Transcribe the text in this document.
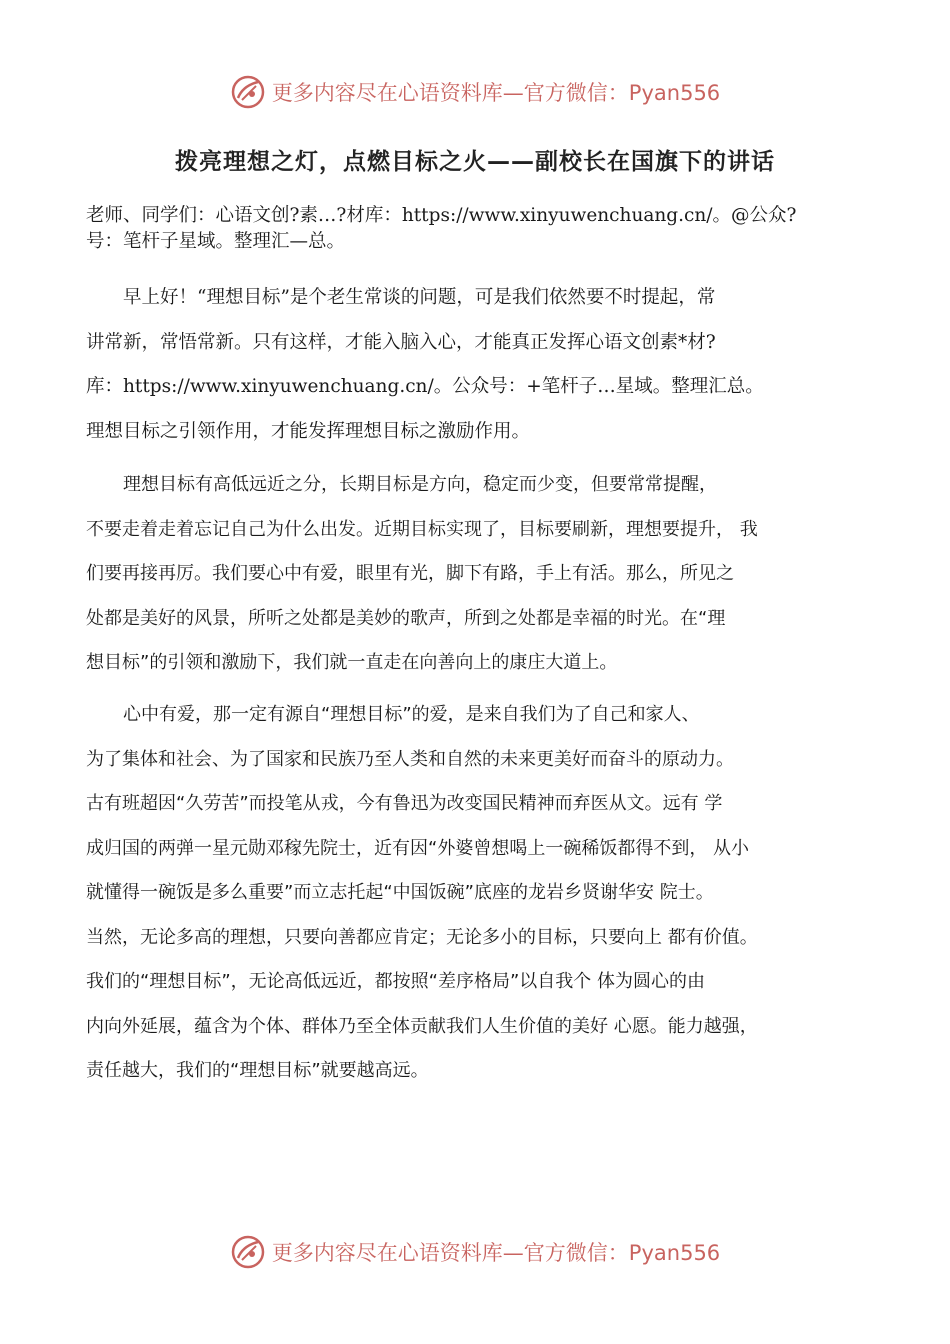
更多内容尽在心语资料库—官方微信：Pyan556
拨亮理想之灯，点燃目标之火——副校长在国旗下的讲话
老师、同学们：心语文创?素…?材库：https://www.xinyuwenchuang.cn/。@公众?
号：笔杆子星域。整理汇—总。
早上好！“理想目标”是个老生常谈的问题，可是我们依然要不时提起，常
讲常新，常悟常新。只有这样，才能入脑入心，才能真正发挥心语文创素*材?
库：https://www.xinyuwenchuang.cn/。公众号：+笔杆子…星域。整理汇总。
理想目标之引领作用，才能发挥理想目标之激励作用。
理想目标有高低远近之分，长期目标是方向，稳定而少变，但要常常提醒，
不要走着走着忘记自己为什么出发。近期目标实现了，目标要刷新，理想要提升， 我
们要再接再厉。我们要心中有爱，眼里有光，脚下有路，手上有活。那么，所见之
处都是美好的风景，所听之处都是美妙的歌声，所到之处都是幸福的时光。在“理
想目标”的引领和激励下，我们就一直走在向善向上的康庄大道上。
心中有爱，那一定有源自“理想目标”的爱，是来自我们为了自己和家人、
为了集体和社会、为了国家和民族乃至人类和自然的未来更美好而奋斗的原动力。
古有班超因“久劳苦”而投笔从戎，今有鲁迅为改变国民精神而弃医从文。远有 学
成归国的两弹一星元勋邓稼先院士，近有因“外婆曾想喝上一碗稀饭都得不到， 从小
就懂得一碗饭是多么重要”而立志托起“中国饭碗”底座的龙岩乡贤谢华安 院士。
当然，无论多高的理想，只要向善都应肯定；无论多小的目标，只要向上 都有价值。
我们的“理想目标”，无论高低远近，都按照“差序格局”以自我个 体为圆心的由
内向外延展，蕴含为个体、群体乃至全体贡献我们人生价值的美好 心愿。能力越强，
责任越大，我们的“理想目标”就要越高远。
更多内容尽在心语资料库—官方微信：Pyan556
